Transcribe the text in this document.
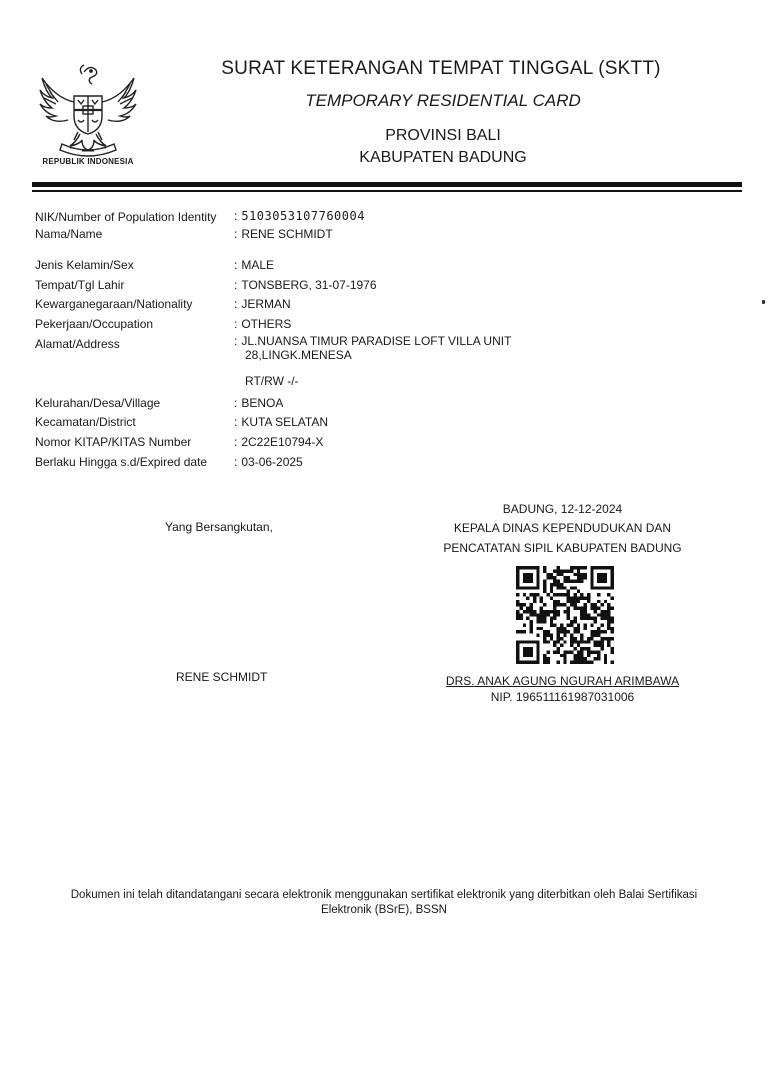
REPUBLIK INDONESIA
SURAT KETERANGAN TEMPAT TINGGAL (SKTT)
TEMPORARY RESIDENTIAL CARD
PROVINSI BALI
KABUPATEN BADUNG
NIK/Number of Population Identity : 5103053107760004
Nama/Name	: RENE SCHMIDT
Jenis Kelamin/Sex	: MALE
Tempat/Tgl Lahir	: TONSBERG, 31-07-1976
Kewarganegaraan/Nationality	: JERMAN
Pekerjaan/Occupation	: OTHERS
Alamat/Address	: JL.NUANSA TIMUR PARADISE LOFT VILLA UNIT
28,LINGK.MENESA
RT/RW -/-
Kelurahan/Desa/Village	: BENOA
Kecamatan/District	: KUTA SELATAN
Nomor KITAP/KITAS Number	: 2C22E10794-X
Berlaku Hingga s.d/Expired date : 03-06-2025
Yang Bersangkutan,
BADUNG, 12-12-2024
KEPALA DINAS KEPENDUDUKAN DAN
PENCATATAN SIPIL KABUPATEN BADUNG
RENE SCHMIDT	DRS. ANAK AGUNG NGURAH ARIMBAWA
NIP. 196511161987031006
Dokumen ini telah ditandatangani secara elektronik menggunakan sertifikat elektronik yang diterbitkan oleh Balai Sertifikasi
Elektronik (BSrE), BSSN
